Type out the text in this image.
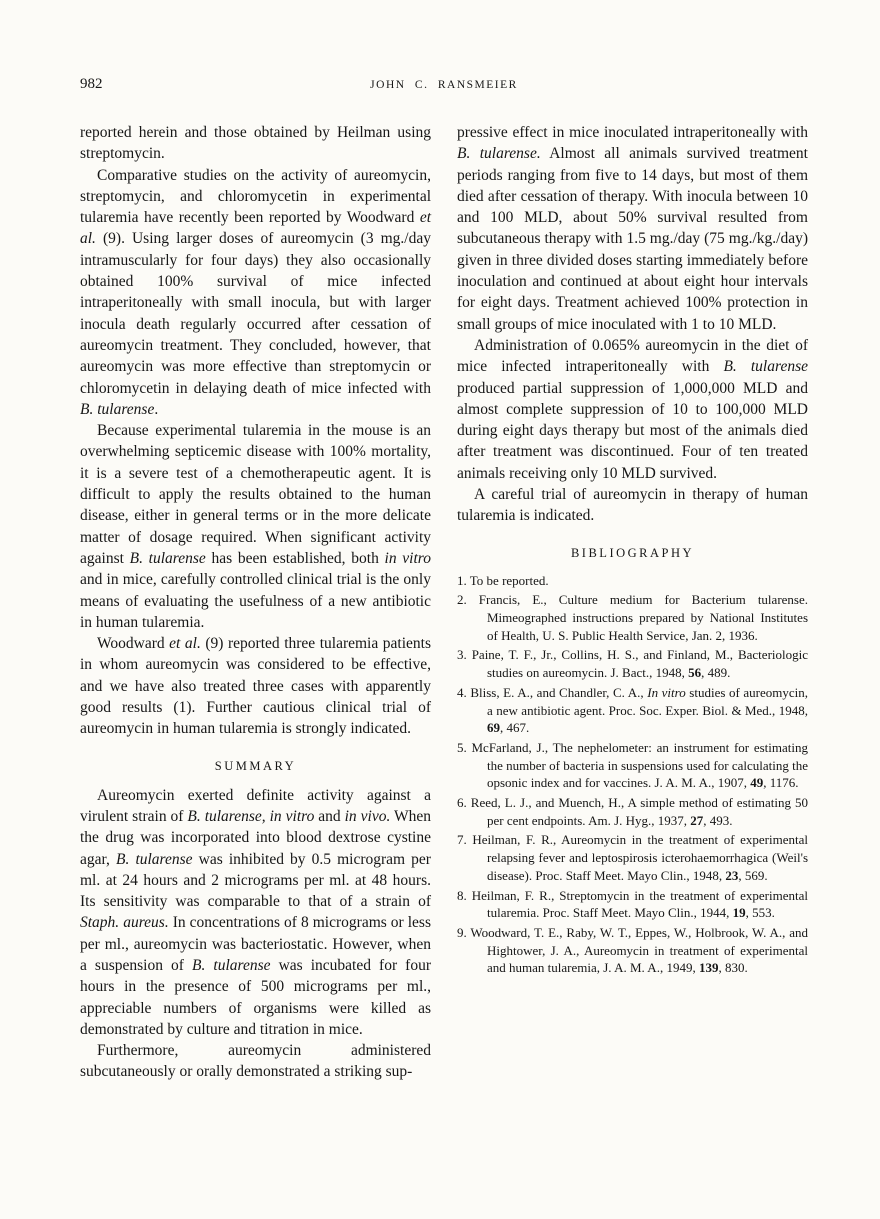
982	JOHN C. RANSMEIER

reported herein and those obtained by Heilman using streptomycin.

Comparative studies on the activity of aureomycin, streptomycin, and chloromycetin in experimental tularemia have recently been reported by Woodward et al. (9). Using larger doses of aureomycin (3 mg./day intramuscularly for four days) they also occasionally obtained 100% survival of mice infected intraperitoneally with small inocula, but with larger inocula death regularly occurred after cessation of aureomycin treatment. They concluded, however, that aureomycin was more effective than streptomycin or chloromycetin in delaying death of mice infected with B. tularense.

Because experimental tularemia in the mouse is an overwhelming septicemic disease with 100% mortality, it is a severe test of a chemotherapeutic agent. It is difficult to apply the results obtained to the human disease, either in general terms or in the more delicate matter of dosage required. When significant activity against B. tularense has been established, both in vitro and in mice, carefully controlled clinical trial is the only means of evaluating the usefulness of a new antibiotic in human tularemia.

Woodward et al. (9) reported three tularemia patients in whom aureomycin was considered to be effective, and we have also treated three cases with apparently good results (1). Further cautious clinical trial of aureomycin in human tularemia is strongly indicated.

SUMMARY

Aureomycin exerted definite activity against a virulent strain of B. tularense, in vitro and in vivo. When the drug was incorporated into blood dextrose cystine agar, B. tularense was inhibited by 0.5 microgram per ml. at 24 hours and 2 micrograms per ml. at 48 hours. Its sensitivity was comparable to that of a strain of Staph. aureus. In concentrations of 8 micrograms or less per ml., aureomycin was bacteriostatic. However, when a suspension of B. tularense was incubated for four hours in the presence of 500 micrograms per ml., appreciable numbers of organisms were killed as demonstrated by culture and titration in mice.

Furthermore, aureomycin administered subcutaneously or orally demonstrated a striking sup-

pressive effect in mice inoculated intraperitoneally with B. tularense. Almost all animals survived treatment periods ranging from five to 14 days, but most of them died after cessation of therapy. With inocula between 10 and 100 MLD, about 50% survival resulted from subcutaneous therapy with 1.5 mg./day (75 mg./kg./day) given in three divided doses starting immediately before inoculation and continued at about eight hour intervals for eight days. Treatment achieved 100% protection in small groups of mice inoculated with 1 to 10 MLD.

Administration of 0.065% aureomycin in the diet of mice infected intraperitoneally with B. tularense produced partial suppression of 1,000,000 MLD and almost complete suppression of 10 to 100,000 MLD during eight days therapy but most of the animals died after treatment was discontinued. Four of ten treated animals receiving only 10 MLD survived.

A careful trial of aureomycin in therapy of human tularemia is indicated.

BIBLIOGRAPHY

1. To be reported.

2. Francis, E., Culture medium for Bacterium tularense. Mimeographed instructions prepared by National Institutes of Health, U. S. Public Health Service, Jan. 2, 1936.

3. Paine, T. F., Jr., Collins, H. S., and Finland, M., Bacteriologic studies on aureomycin. J. Bact., 1948, 56, 489.

4. Bliss, E. A., and Chandler, C. A., In vitro studies of aureomycin, a new antibiotic agent. Proc. Soc. Exper. Biol. & Med., 1948, 69, 467.

5. McFarland, J., The nephelometer: an instrument for estimating the number of bacteria in suspensions used for calculating the opsonic index and for vaccines. J. A. M. A., 1907, 49, 1176.

6. Reed, L. J., and Muench, H., A simple method of estimating 50 per cent endpoints. Am. J. Hyg., 1937, 27, 493.

7. Heilman, F. R., Aureomycin in the treatment of experimental relapsing fever and leptospirosis icterohaemorrhagica (Weil's disease). Proc. Staff Meet. Mayo Clin., 1948, 23, 569.

8. Heilman, F. R., Streptomycin in the treatment of experimental tularemia. Proc. Staff Meet. Mayo Clin., 1944, 19, 553.

9. Woodward, T. E., Raby, W. T., Eppes, W., Holbrook, W. A., and Hightower, J. A., Aureomycin in treatment of experimental and human tularemia, J. A. M. A., 1949, 139, 830.
